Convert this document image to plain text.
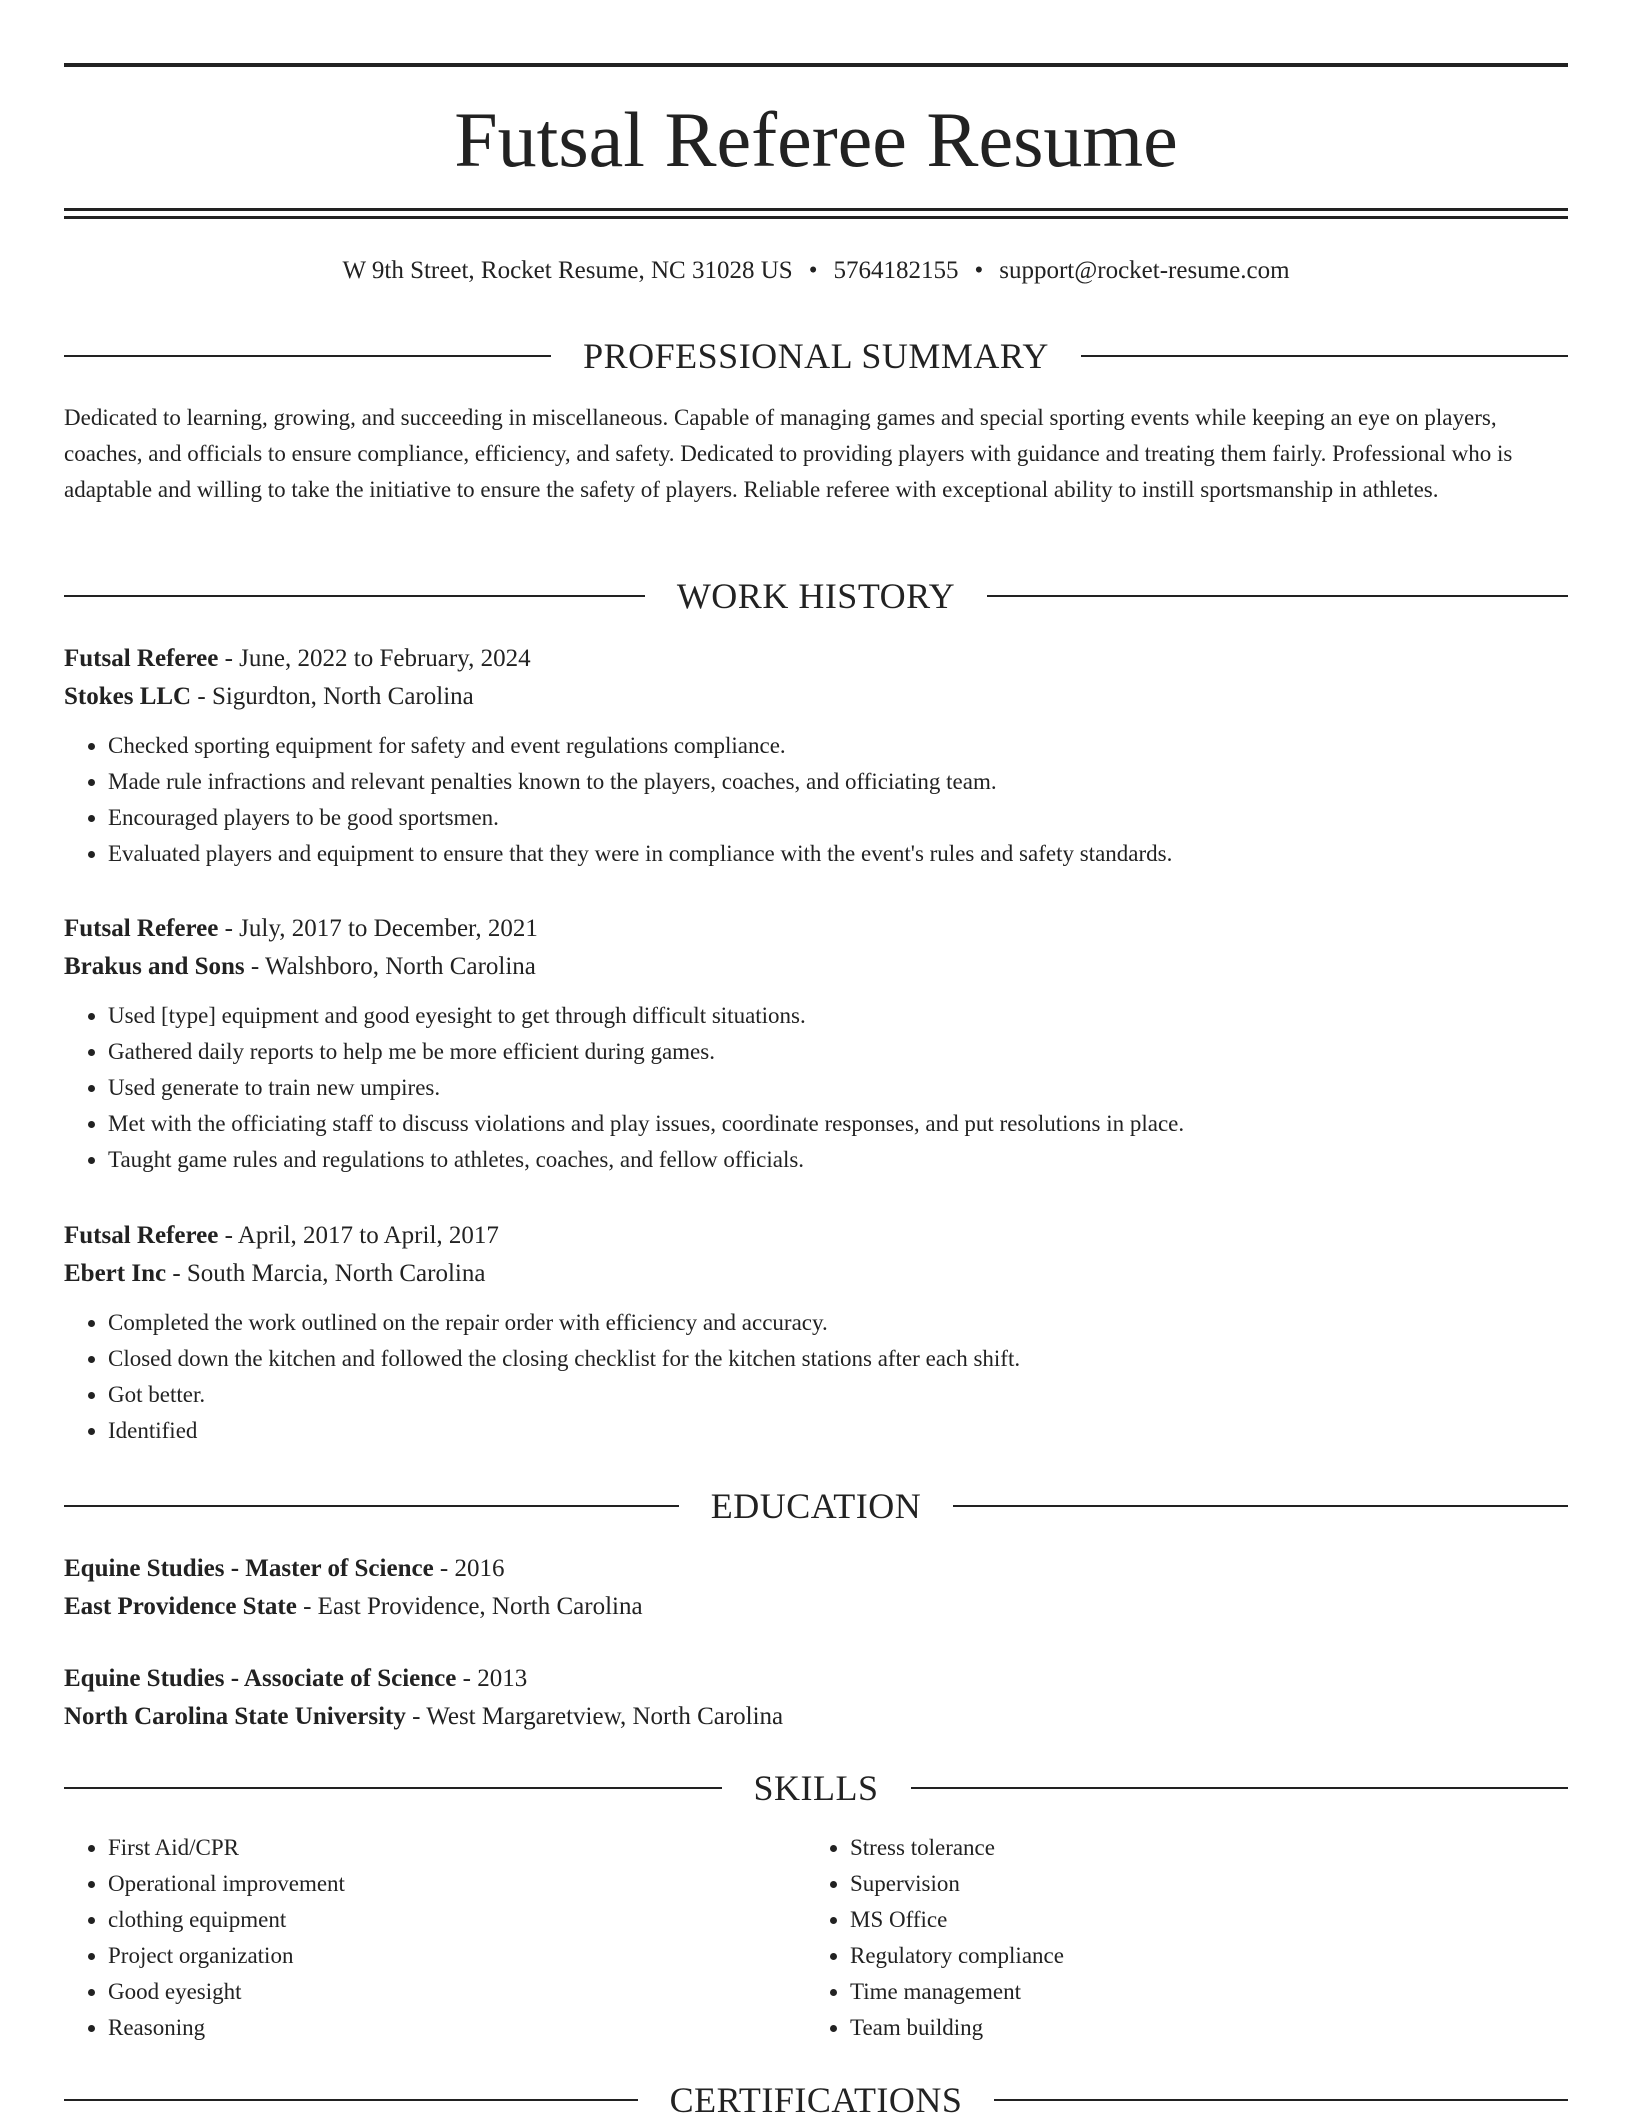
Futsal Referee Resume
W 9th Street, Rocket Resume, NC 31028 US • 5764182155 • support@rocket-resume.com
PROFESSIONAL SUMMARY

Dedicated to learning, growing, and succeeding in miscellaneous. Capable of managing games and special sporting events while keeping an eye on players, coaches, and officials to ensure compliance, efficiency, and safety. Dedicated to providing players with guidance and treating them fairly. Professional who is adaptable and willing to take the initiative to ensure the safety of players. Reliable referee with exceptional ability to instill sportsmanship in athletes.

WORK HISTORY
Futsal Referee - June, 2022 to February, 2024
Stokes LLC - Sigurdton, North Carolina
• Checked sporting equipment for safety and event regulations compliance.
• Made rule infractions and relevant penalties known to the players, coaches, and officiating team.
• Encouraged players to be good sportsmen.
• Evaluated players and equipment to ensure that they were in compliance with the event's rules and safety standards.
Futsal Referee - July, 2017 to December, 2021
Brakus and Sons - Walshboro, North Carolina
• Used [type] equipment and good eyesight to get through difficult situations.
• Gathered daily reports to help me be more efficient during games.
• Used generate to train new umpires.
• Met with the officiating staff to discuss violations and play issues, coordinate responses, and put resolutions in place.
• Taught game rules and regulations to athletes, coaches, and fellow officials.
Futsal Referee - April, 2017 to April, 2017
Ebert Inc - South Marcia, North Carolina
• Completed the work outlined on the repair order with efficiency and accuracy.
• Closed down the kitchen and followed the closing checklist for the kitchen stations after each shift.
• Got better.
• Identified
EDUCATION
Equine Studies - Master of Science - 2016
East Providence State - East Providence, North Carolina
Equine Studies - Associate of Science - 2013
North Carolina State University - West Margaretview, North Carolina
SKILLS
• First Aid/CPR
• Operational improvement
• clothing equipment
• Project organization
• Good eyesight
• Reasoning
• Stress tolerance
• Supervision
• MS Office
• Regulatory compliance
• Time management
• Team building
CERTIFICATIONS
